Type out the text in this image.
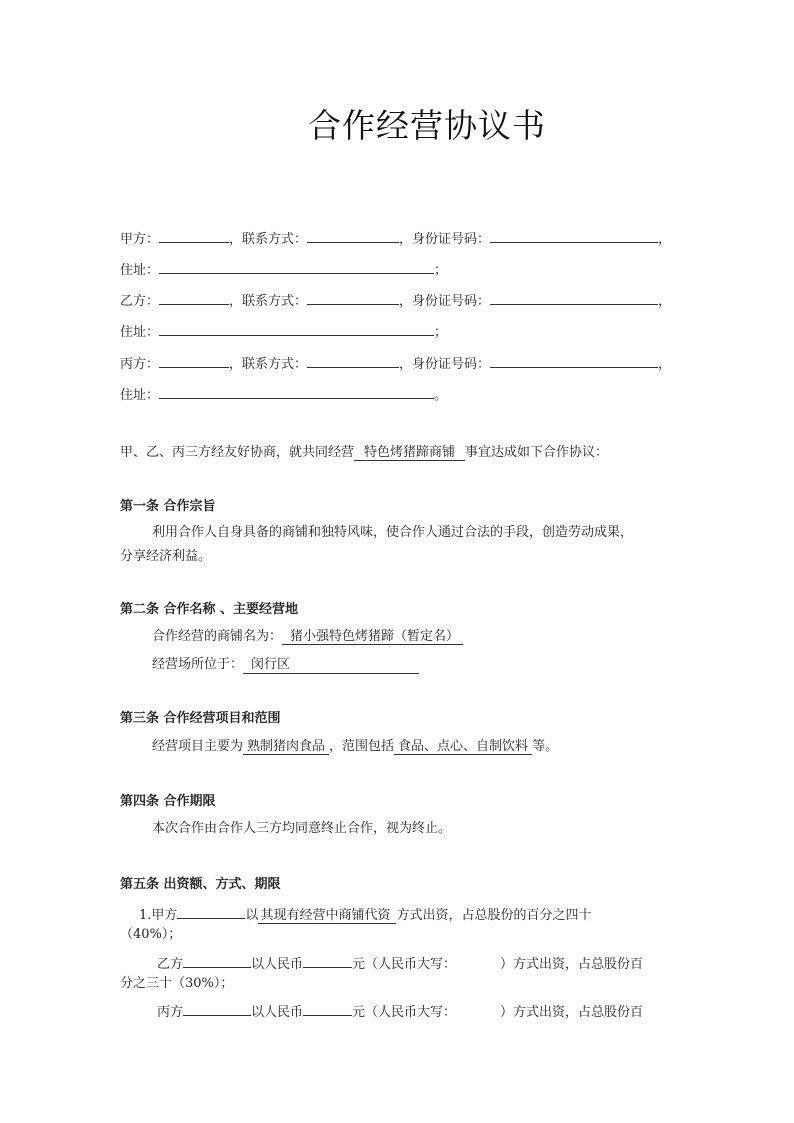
合作经营协议书
甲方：	，联系方式：	，身份证号码：	，
住址：	；
乙方：	，联系方式：	，身份证号码：	，
住址：	；
丙方：	，联系方式：	，身份证号码：	，
住址：	。
甲、乙、丙三方经友好协商，就共同经营 特色烤猪蹄商铺 事宜达成如下合作协议：
第一条 合作宗旨
利用合作人自身具备的商铺和独特风味，使合作人通过合法的手段，创造劳动成果，
分享经济利益。
第二条 合作名称 、主要经营地
合作经营的商铺名为： 猪小强特色烤猪蹄（暂定名）
经营场所位于： 闵行区
第三条 合作经营项目和范围
经营项目主要为 熟制猪肉食品 ，范围包括 食品、点心、自制饮料 等。
第四条 合作期限
本次合作由合作人三方均同意终止合作，视为终止。
第五条 出资额、方式、期限
1.甲方	以 其现有经营中商铺代资 方式出资，占总股份的百分之四十
（40%）；
乙方	以人民币	元（人民币大写：	）方式出资，占总股份百
分之三十（30%）；
丙方	以人民币	元（人民币大写：	）方式出资，占总股份百
